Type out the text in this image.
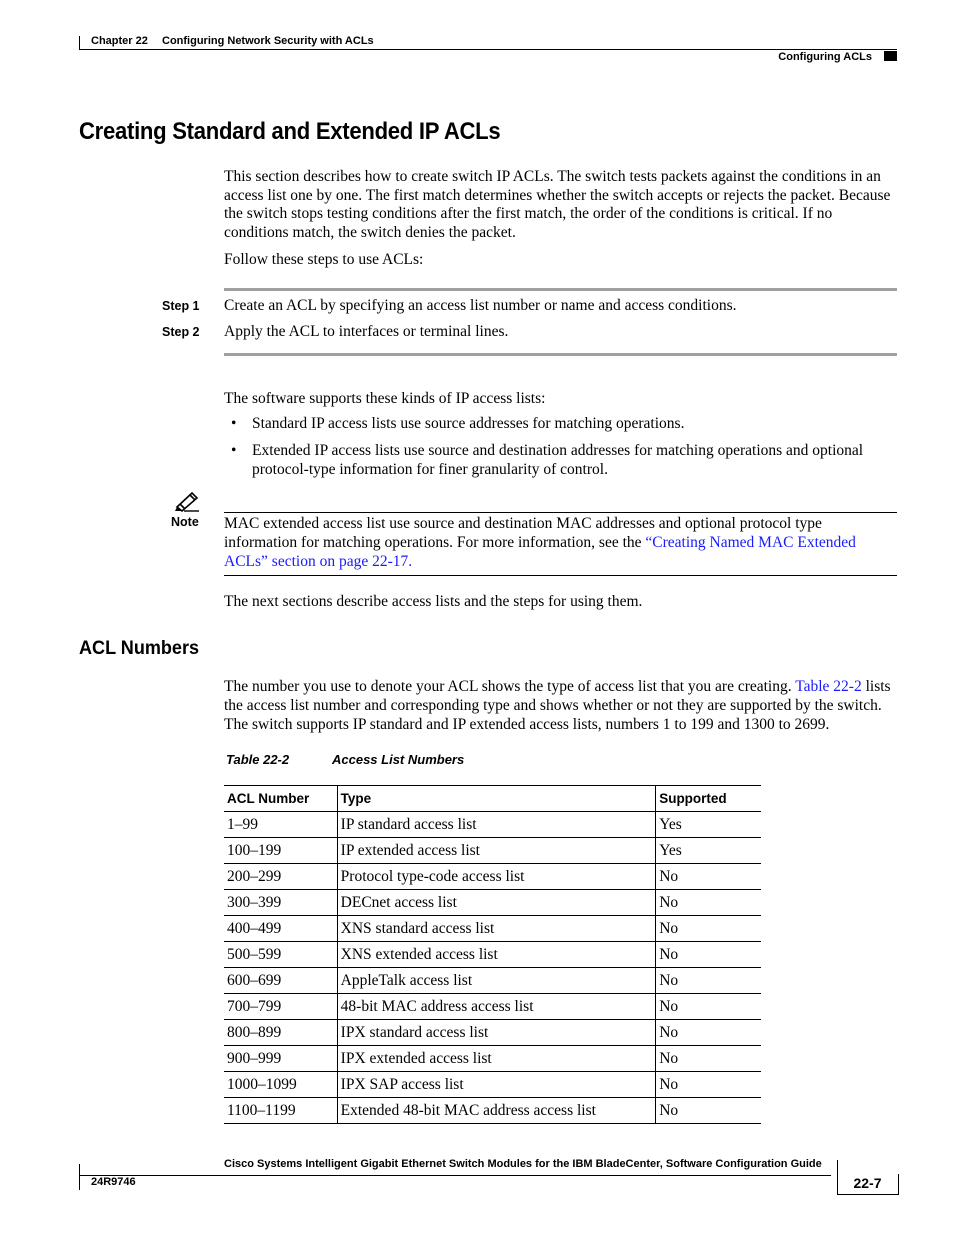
Chapter 22 Configuring Network Security with ACLs
Configuring ACLs
Creating Standard and Extended IP ACLs
This section describes how to create switch IP ACLs. The switch tests packets against the conditions in an access list one by one. The first match determines whether the switch accepts or rejects the packet. Because the switch stops testing conditions after the first match, the order of the conditions is critical. If no conditions match, the switch denies the packet.
Follow these steps to use ACLs:
Step 1 Create an ACL by specifying an access list number or name and access conditions.
Step 2 Apply the ACL to interfaces or terminal lines.
The software supports these kinds of IP access lists:
• Standard IP access lists use source addresses for matching operations.
• Extended IP access lists use source and destination addresses for matching operations and optional protocol-type information for finer granularity of control.
Note MAC extended access list use source and destination MAC addresses and optional protocol type information for matching operations. For more information, see the “Creating Named MAC Extended ACLs” section on page 22-17.
The next sections describe access lists and the steps for using them.
ACL Numbers
The number you use to denote your ACL shows the type of access list that you are creating. Table 22-2 lists the access list number and corresponding type and shows whether or not they are supported by the switch. The switch supports IP standard and IP extended access lists, numbers 1 to 199 and 1300 to 2699.
Table 22-2	Access List Numbers
ACL Number	Type	Supported
1–99	IP standard access list	Yes
100–199	IP extended access list	Yes
200–299	Protocol type-code access list	No
300–399	DECnet access list	No
400–499	XNS standard access list	No
500–599	XNS extended access list	No
600–699	AppleTalk access list	No
700–799	48-bit MAC address access list	No
800–899	IPX standard access list	No
900–999	IPX extended access list	No
1000–1099	IPX SAP access list	No
1100–1199	Extended 48-bit MAC address access list	No
Cisco Systems Intelligent Gigabit Ethernet Switch Modules for the IBM BladeCenter, Software Configuration Guide
24R9746	22-7
